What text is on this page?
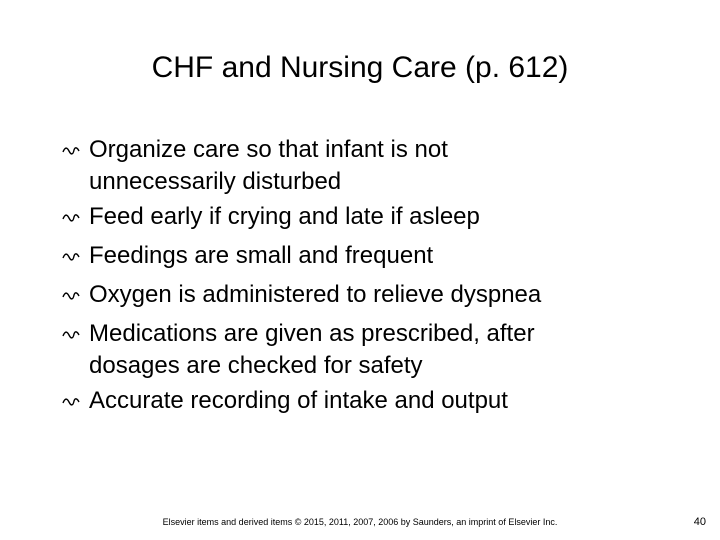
CHF and Nursing Care (p. 612)
Organize care so that infant is not
unnecessarily disturbed
Feed early if crying and late if asleep
Feedings are small and frequent
Oxygen is administered to relieve dyspnea
Medications are given as prescribed, after
dosages are checked for safety
Accurate recording of intake and output
Elsevier items and derived items © 2015, 2011, 2007, 2006 by Saunders, an imprint of Elsevier Inc.	40
